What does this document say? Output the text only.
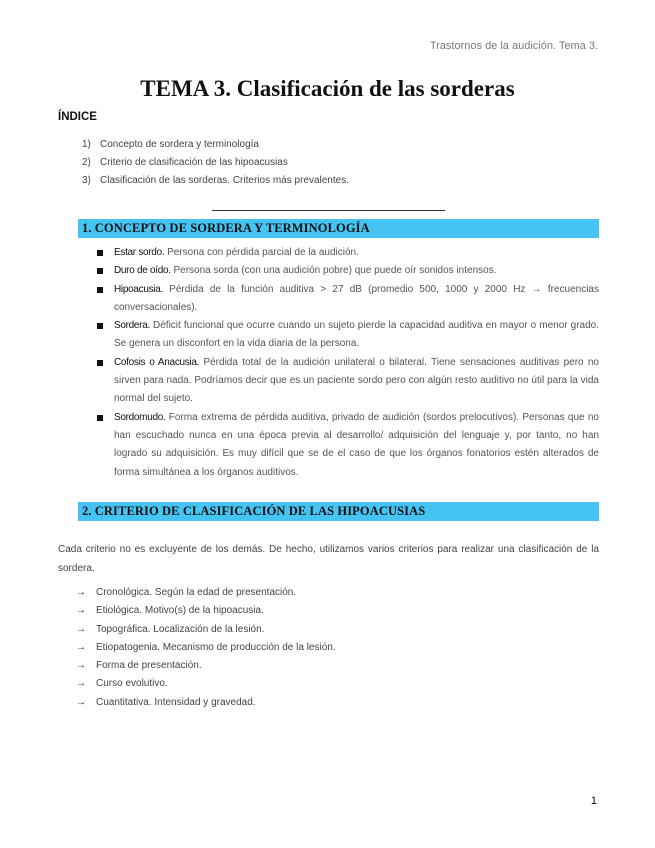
Trastornos de la audición. Tema 3.
TEMA 3. Clasificación de las sorderas
ÍNDICE
1) Concepto de sordera y terminología
2) Criterio de clasificación de las hipoacusias
3) Clasificación de las sorderas. Criterios más prevalentes.
1. CONCEPTO DE SORDERA Y TERMINOLOGÍA
Estar sordo. Persona con pérdida parcial de la audición.
Duro de oído. Persona sorda (con una audición pobre) que puede oír sonidos intensos.
Hipoacusia. Pérdida de la función auditiva > 27 dB (promedio 500, 1000 y 2000 Hz → frecuencias conversacionales).
Sordera. Déficit funcional que ocurre cuando un sujeto pierde la capacidad auditiva en mayor o menor grado. Se genera un disconfort en la vida diaria de la persona.
Cofosis o Anacusia. Pérdida total de la audición unilateral o bilateral. Tiene sensaciones auditivas pero no sirven para nada. Podríamos decir que es un paciente sordo pero con algún resto auditivo no útil para la vida normal del sujeto.
Sordomudo. Forma extrema de pérdida auditiva, privado de audición (sordos prelocutivos). Personas que no han escuchado nunca en una época previa al desarrollo/ adquisición del lenguaje y, por tanto, no han logrado su adquisición. Es muy difícil que se de el caso de que los órganos fonatorios estén alterados de forma simultánea a los órganos auditivos.
2. CRITERIO DE CLASIFICACIÓN DE LAS HIPOACUSIAS
Cada criterio no es excluyente de los demás. De hecho, utilizamos varios criterios para realizar una clasificación de la sordera.
→ Cronológica. Según la edad de presentación.
→ Etiológica. Motivo(s) de la hipoacusia.
→ Topográfica. Localización de la lesión.
→ Etiopatogenia. Mecanismo de producción de la lesión.
→ Forma de presentación.
→ Curso evolutivo.
→ Cuantitativa. Intensidad y gravedad.
1
